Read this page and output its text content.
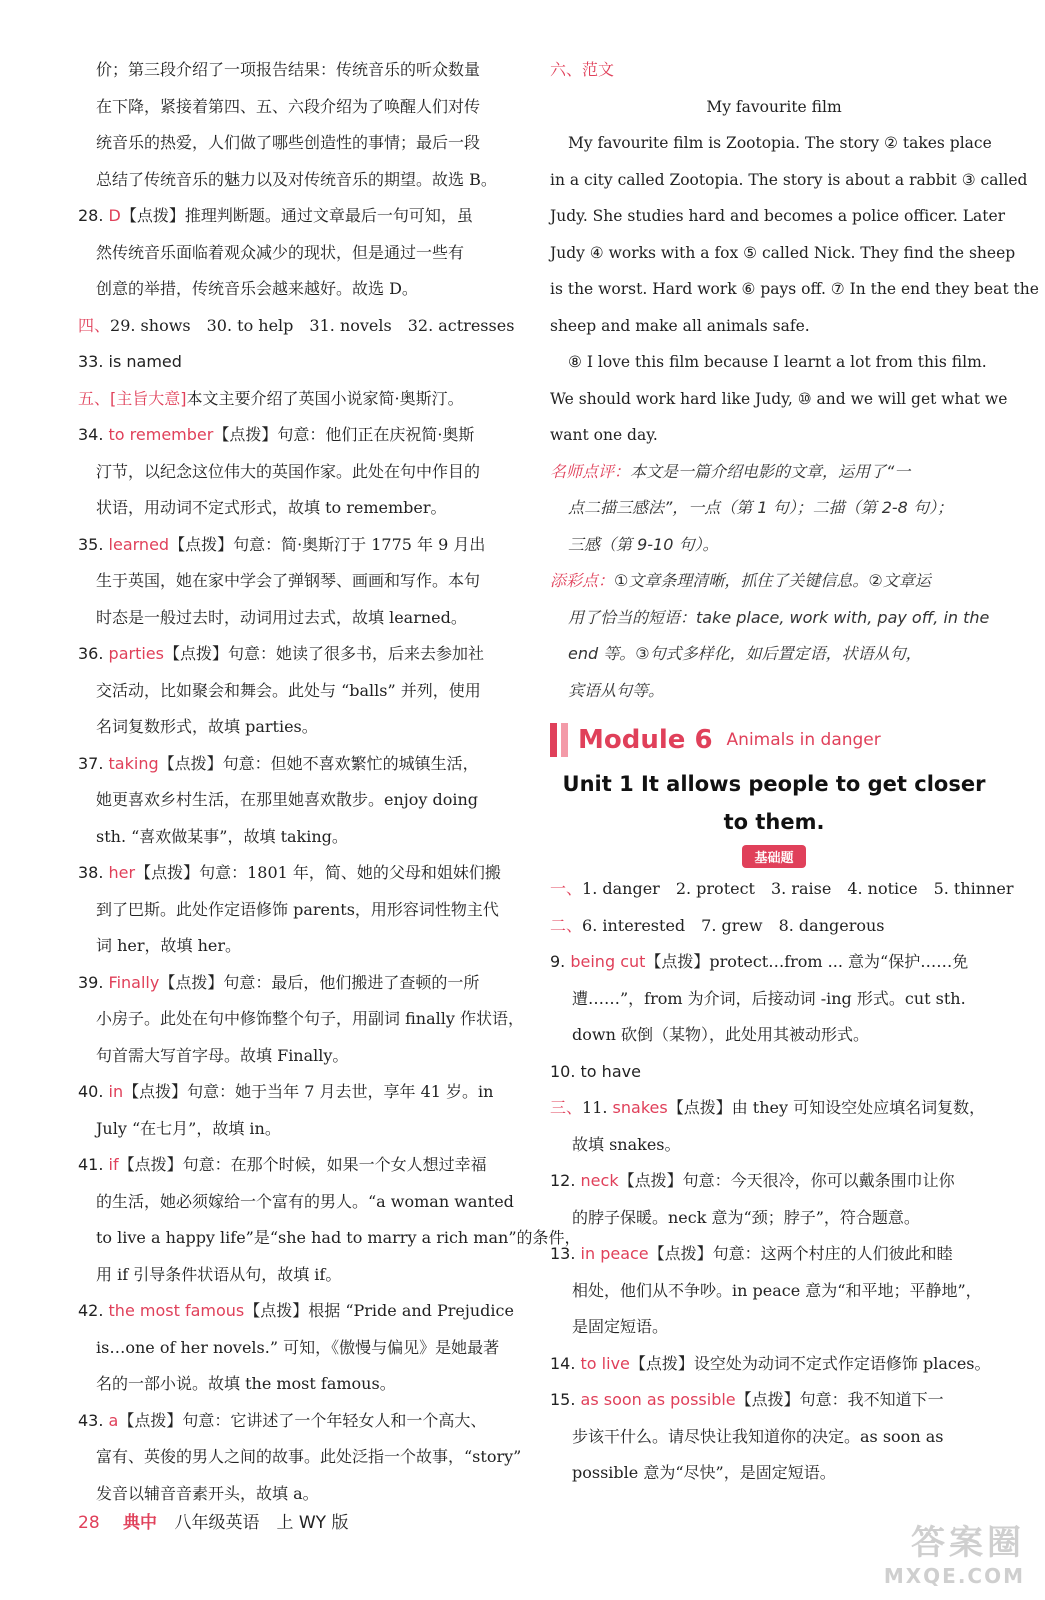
价；第三段介绍了一项报告结果：传统音乐的听众数量
在下降，紧接着第四、五、六段介绍为了唤醒人们对传
统音乐的热爱，人们做了哪些创造性的事情；最后一段
总结了传统音乐的魅力以及对传统音乐的期望。故选 B。
28. D【点拨】推理判断题。通过文章最后一句可知，虽
然传统音乐面临着观众减少的现状，但是通过一些有
创意的举措，传统音乐会越来越好。故选 D。
四、29. shows　30. to help　31. novels　32. actresses
33. is named
五、[主旨大意]本文主要介绍了英国小说家简·奥斯汀。
34. to remember【点拨】句意：他们正在庆祝简·奥斯
汀节，以纪念这位伟大的英国作家。此处在句中作目的
状语，用动词不定式形式，故填 to remember。
35. learned【点拨】句意：简·奥斯汀于 1775 年 9 月出
生于英国，她在家中学会了弹钢琴、画画和写作。本句
时态是一般过去时，动词用过去式，故填 learned。
36. parties【点拨】句意：她读了很多书，后来去参加社
交活动，比如聚会和舞会。此处与 “balls” 并列，使用
名词复数形式，故填 parties。
37. taking【点拨】句意：但她不喜欢繁忙的城镇生活，
她更喜欢乡村生活，在那里她喜欢散步。enjoy doing
sth. “喜欢做某事”，故填 taking。
38. her【点拨】句意：1801 年，简、她的父母和姐妹们搬
到了巴斯。此处作定语修饰 parents，用形容词性物主代
词 her，故填 her。
39. Finally【点拨】句意：最后，他们搬进了查顿的一所
小房子。此处在句中修饰整个句子，用副词 finally 作状语，
句首需大写首字母。故填 Finally。
40. in【点拨】句意：她于当年 7 月去世，享年 41 岁。in
July “在七月”，故填 in。
41. if【点拨】句意：在那个时候，如果一个女人想过幸福
的生活，她必须嫁给一个富有的男人。“a woman wanted
to live a happy life”是“she had to marry a rich man”的条件，
用 if 引导条件状语从句，故填 if。
42. the most famous【点拨】根据 “Pride and Prejudice
is…one of her novels.” 可知，《傲慢与偏见》是她最著
名的一部小说。故填 the most famous。
43. a【点拨】句意：它讲述了一个年轻女人和一个高大、
富有、英俊的男人之间的故事。此处泛指一个故事，“story”
发音以辅音音素开头，故填 a。
六、范文
My favourite film
My favourite film is Zootopia. The story ② takes place
in a city called Zootopia. The story is about a rabbit ③ called
Judy. She studies hard and becomes a police officer. Later
Judy ④ works with a fox ⑤ called Nick. They find the sheep
is the worst. Hard work ⑥ pays off. ⑦ In the end they beat the
sheep and make all animals safe.
⑧ I love this film because I learnt a lot from this film.
We should work hard like Judy, ⑩ and we will get what we
want one day.
名师点评：本文是一篇介绍电影的文章，运用了“一
点二描三感法”，一点（第 1 句）；二描（第 2-8 句）；
三感（第 9-10 句）。
添彩点：①文章条理清晰，抓住了关键信息。②文章运
用了恰当的短语：take place, work with, pay off, in the
end 等。③句式多样化，如后置定语，状语从句，
宾语从句等。
Module 6 Animals in danger
Unit 1 It allows people to get closer
to them.
基础题
一、1. danger　2. protect　3. raise　4. notice　5. thinner
二、6. interested　7. grew　8. dangerous
9. being cut【点拨】protect…from ... 意为“保护……免
遭……”，from 为介词，后接动词 -ing 形式。cut sth.
down 砍倒（某物），此处用其被动形式。
10. to have
三、11. snakes【点拨】由 they 可知设空处应填名词复数，
故填 snakes。
12. neck【点拨】句意：今天很冷，你可以戴条围巾让你
的脖子保暖。neck 意为“颈；脖子”，符合题意。
13. in peace【点拨】句意：这两个村庄的人们彼此和睦
相处，他们从不争吵。in peace 意为“和平地；平静地”，
是固定短语。
14. to live【点拨】设空处为动词不定式作定语修饰 places。
15. as soon as possible【点拨】句意：我不知道下一
步该干什么。请尽快让我知道你的决定。as soon as
possible 意为“尽快”，是固定短语。
28 典中 八年级英语　上 WY 版	答案圈
MXQE.COM
